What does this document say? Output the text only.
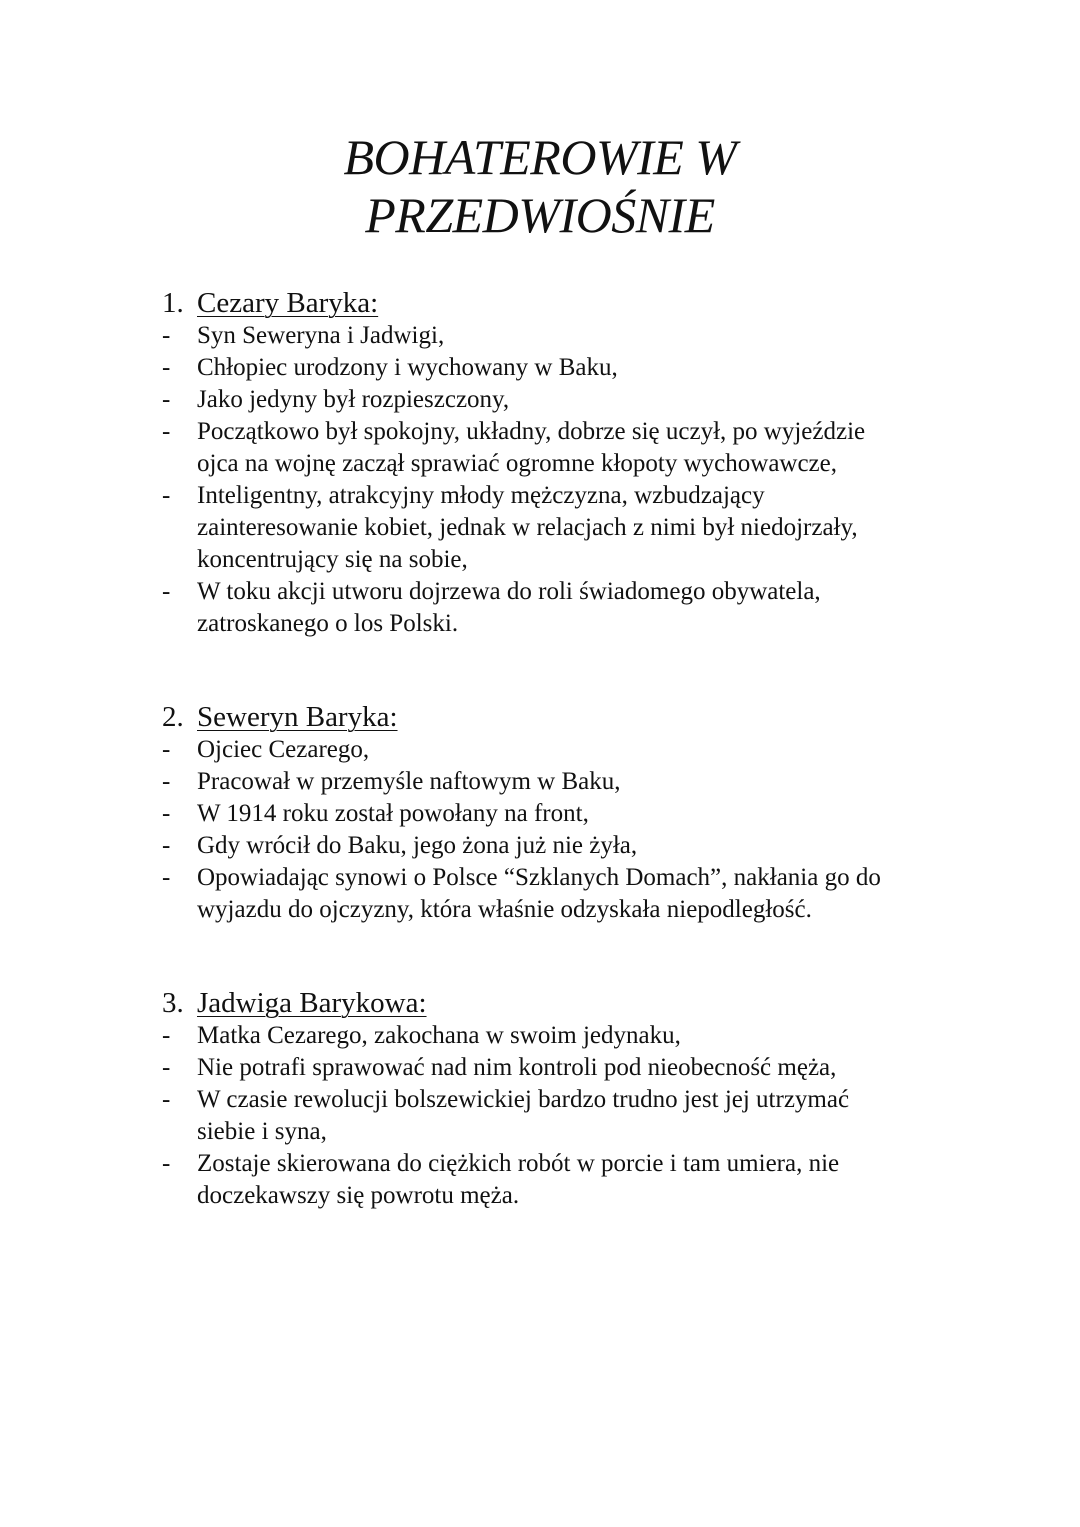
BOHATEROWIE W
PRZEDWIOŚNIE
1. Cezary Baryka:
- Syn Seweryna i Jadwigi,
- Chłopiec urodzony i wychowany w Baku,
- Jako jedyny był rozpieszczony,
- Początkowo był spokojny, układny, dobrze się uczył, po wyjeździe
ojca na wojnę zaczął sprawiać ogromne kłopoty wychowawcze,
- Inteligentny, atrakcyjny młody mężczyzna, wzbudzający
zainteresowanie kobiet, jednak w relacjach z nimi był niedojrzały,
koncentrujący się na sobie,
- W toku akcji utworu dojrzewa do roli świadomego obywatela,
zatroskanego o los Polski.
2. Seweryn Baryka:
- Ojciec Cezarego,
- Pracował w przemyśle naftowym w Baku,
- W 1914 roku został powołany na front,
- Gdy wrócił do Baku, jego żona już nie żyła,
- Opowiadając synowi o Polsce “Szklanych Domach”, nakłania go do
wyjazdu do ojczyzny, która właśnie odzyskała niepodległość.
3. Jadwiga Barykowa:
- Matka Cezarego, zakochana w swoim jedynaku,
- Nie potrafi sprawować nad nim kontroli pod nieobecność męża,
- W czasie rewolucji bolszewickiej bardzo trudno jest jej utrzymać
siebie i syna,
- Zostaje skierowana do ciężkich robót w porcie i tam umiera, nie
doczekawszy się powrotu męża.
